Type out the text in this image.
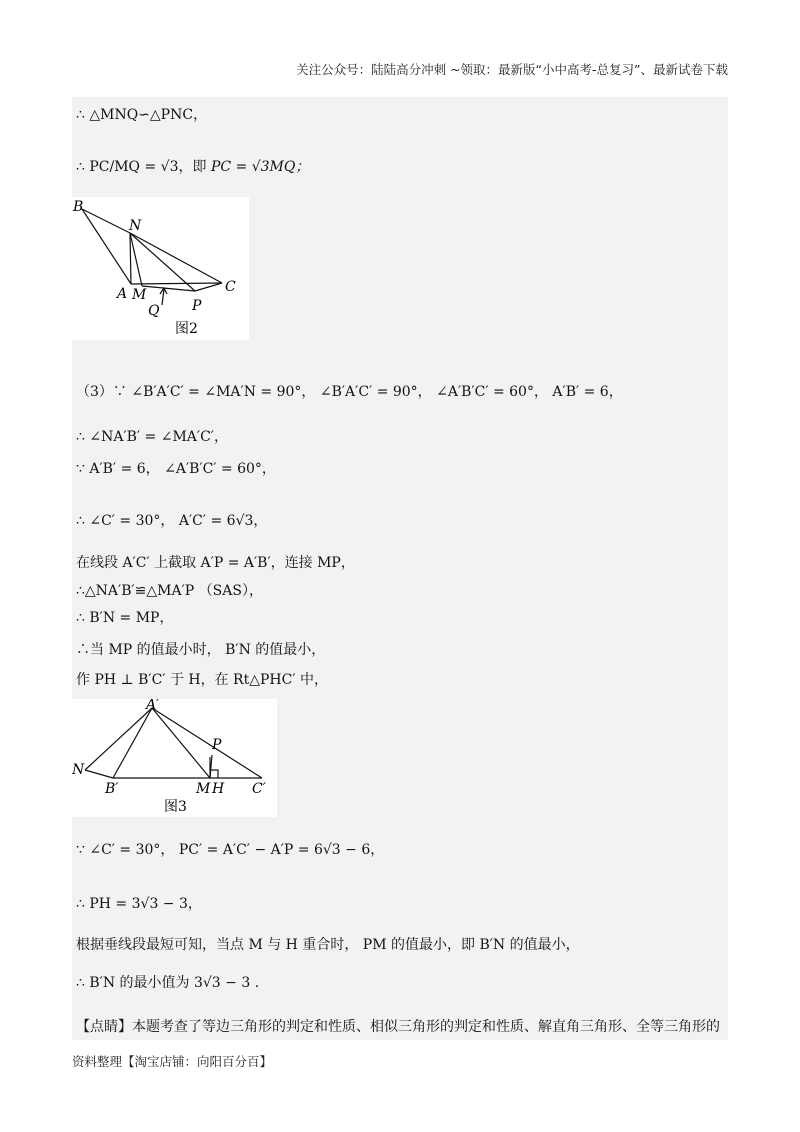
关注公众号：陆陆高分冲刺 ~领取：最新版“小中高考-总复习”、最新试卷下载
∴ △MNQ∽△PNC，
∴ PC/MQ = √3，即 PC = √3MQ；
B
N
A M
Q P
C
图2
（3）∵ ∠B′A′C′ = ∠MA′N = 90°， ∠B′A′C′ = 90°， ∠A′B′C′ = 60°， A′B′ = 6，
∴ ∠NA′B′ = ∠MA′C′，
∵ A′B′ = 6， ∠A′B′C′ = 60°，
∴ ∠C′ = 30°， A′C′ = 6√3，
在线段 A′C′ 上截取 A′P = A′B′，连接 MP，
∴△NA′B′≌△MA′P （SAS），
∴ B′N = MP，
∴当 MP 的值最小时， B′N 的值最小，
作 PH ⊥ B′C′ 于 H，在 Rt△PHC′ 中，
A′
P
N
B′	M H C′
图3
∵ ∠C′ = 30°， PC′ = A′C′ − A′P = 6√3 − 6，
∴ PH = 3√3 − 3，
根据垂线段最短可知，当点 M 与 H 重合时， PM 的值最小，即 B′N 的值最小，
∴ B′N 的最小值为 3√3 − 3 .
【点睛】本题考查了等边三角形的判定和性质、相似三角形的判定和性质、解直角三角形、全等三角形的
资料整理【淘宝店铺：向阳百分百】
